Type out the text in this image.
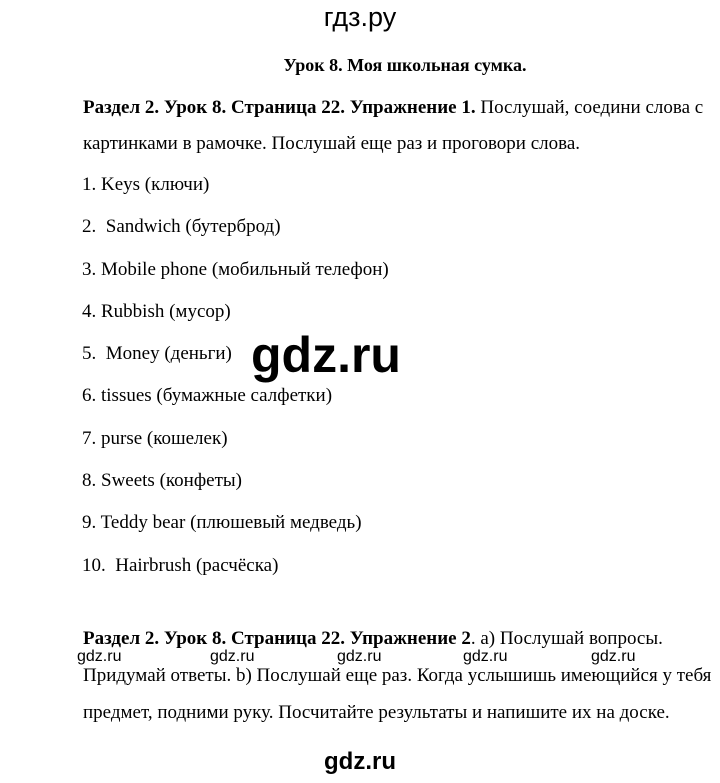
гдз.ру
Урок 8. Моя школьная сумка.
Раздел 2. Урок 8. Страница 22. Упражнение 1. Послушай, соедини слова с картинками в рамочке. Послушай еще раз и проговори слова.
1. Keys (ключи)
2.  Sandwich (бутерброд)
3. Mobile phone (мобильный телефон)
4. Rubbish (мусор)
5.  Money (деньги)
6. tissues (бумажные салфетки)
7. purse (кошелек)
8. Sweets (конфеты)
9. Teddy bear (плюшевый медведь)
10.  Hairbrush (расчёска)
gdz.ru
Раздел 2. Урок 8. Страница 22. Упражнение 2. а) Послушай вопросы. Придумай ответы. b) Послушай еще раз. Когда услышишь имеющийся у тебя предмет, подними руку. Посчитайте результаты и напишите их на доске.
gdz.ru	gdz.ru	gdz.ru	gdz.ru	gdz.ru
gdz.ru
